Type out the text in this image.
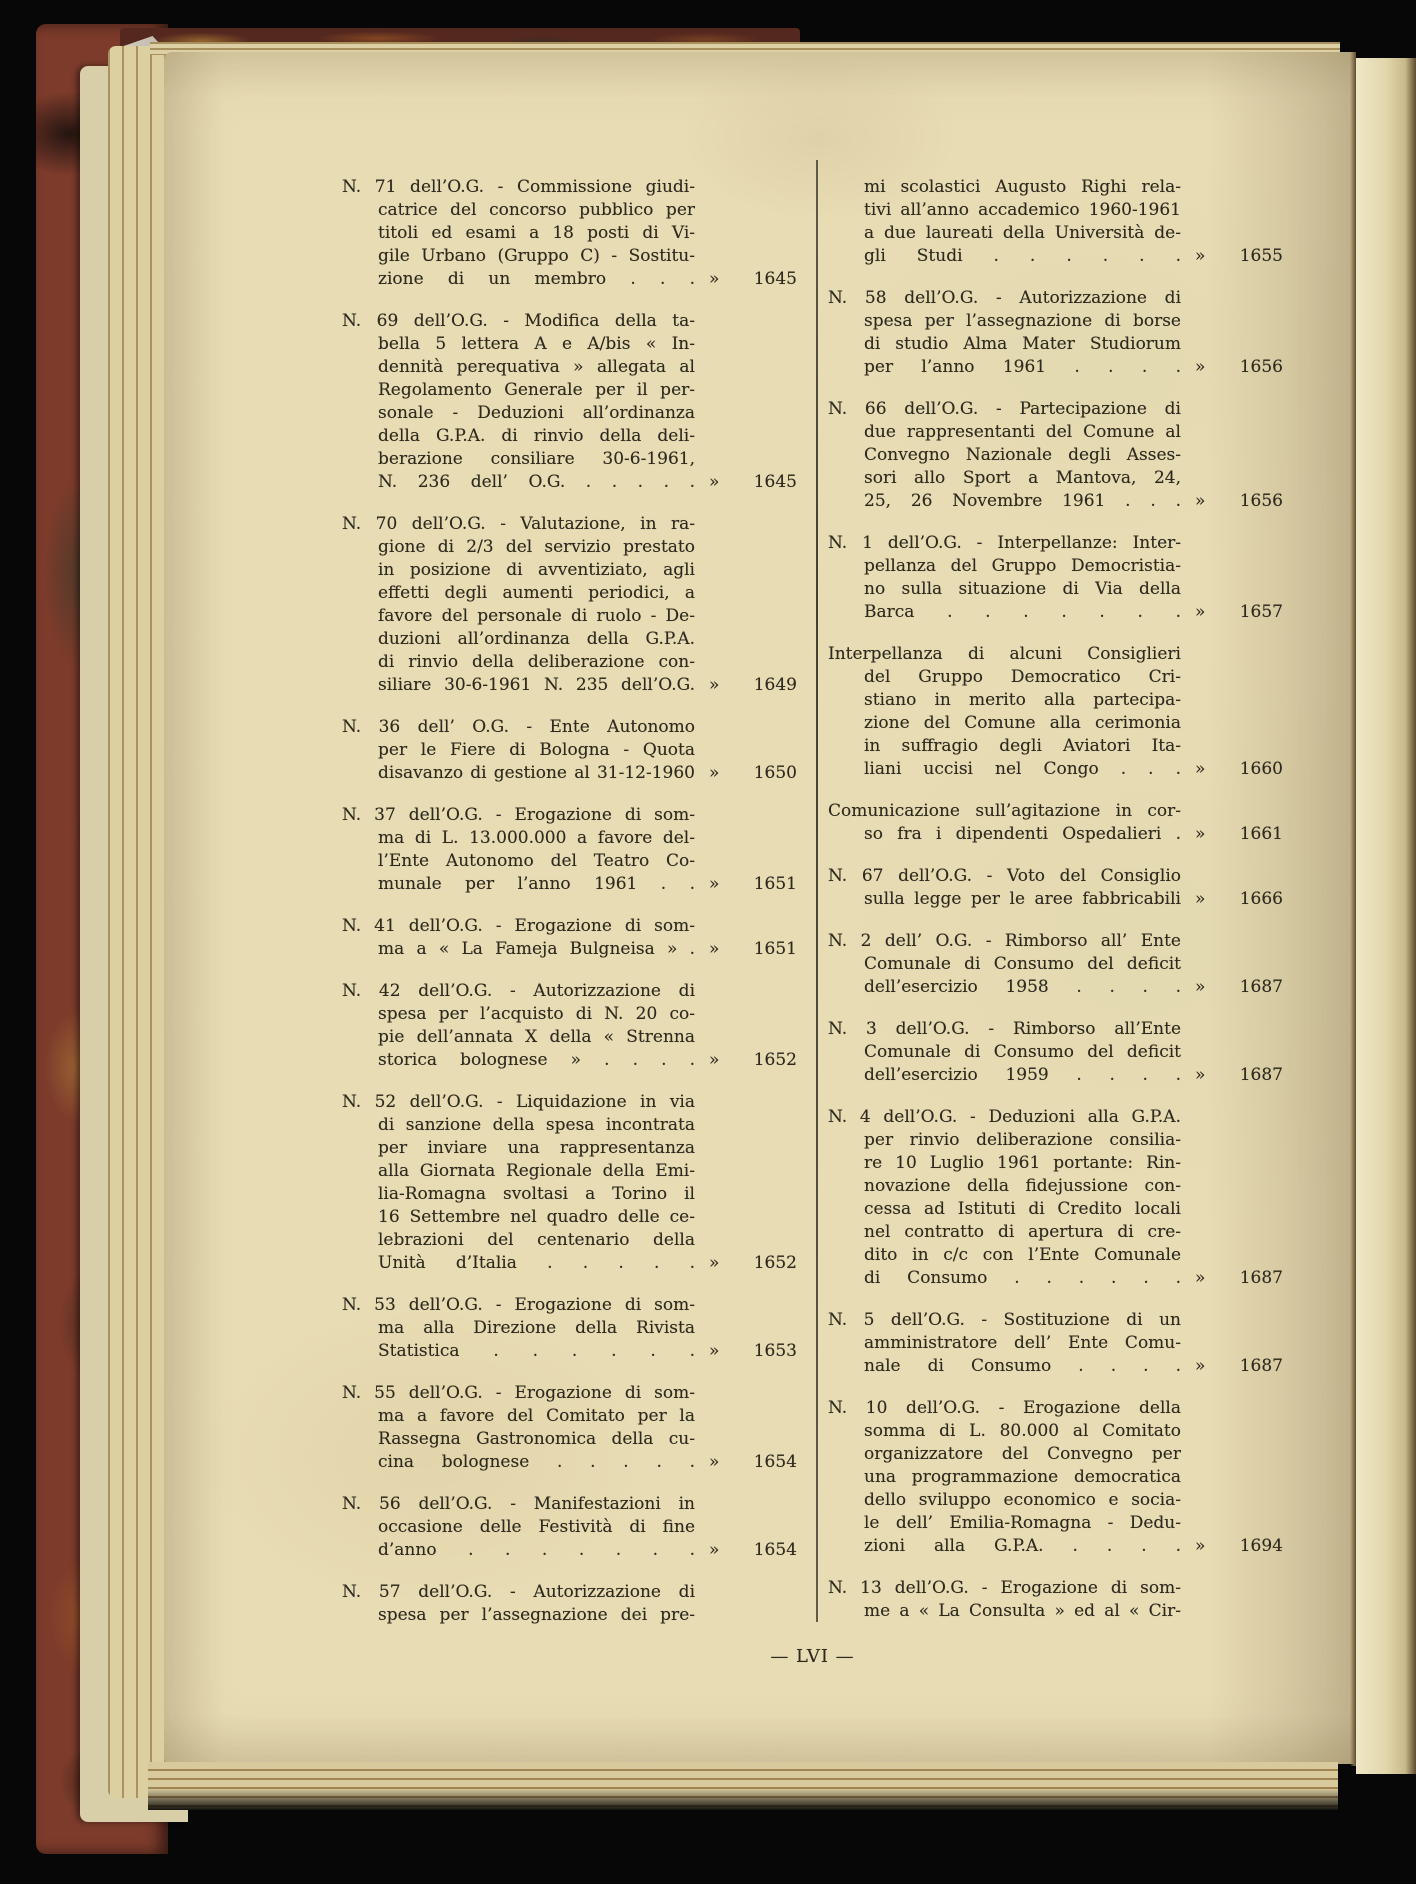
N. 71 dell’O.G. - Commissione giudi-
catrice del concorso pubblico per
titoli ed esami a 18 posti di Vi-
gile Urbano (Gruppo C) - Sostitu-
zione di un membro . . . » 1645
N. 69 dell’O.G. - Modifica della ta-
bella 5 lettera A e A/bis « In-
dennità perequativa » allegata al
Regolamento Generale per il per-
sonale - Deduzioni all’ordinanza
della G.P.A. di rinvio della deli-
berazione consiliare 30-6-1961,
N. 236 dell’ O.G. . . . . . » 1645
N. 70 dell’O.G. - Valutazione, in ra-
gione di 2/3 del servizio prestato
in posizione di avventiziato, agli
effetti degli aumenti periodici, a
favore del personale di ruolo - De-
duzioni all’ordinanza della G.P.A.
di rinvio della deliberazione con-
siliare 30-6-1961 N. 235 dell’O.G. » 1649
N. 36 dell’ O.G. - Ente Autonomo
per le Fiere di Bologna - Quota
disavanzo di gestione al 31-12-1960 » 1650
N. 37 dell’O.G. - Erogazione di som-
ma di L. 13.000.000 a favore del-
l’Ente Autonomo del Teatro Co-
munale per l’anno 1961 . . » 1651
N. 41 dell’O.G. - Erogazione di som-
ma a « La Fameja Bulgneisa » . » 1651
N. 42 dell’O.G. - Autorizzazione di
spesa per l’acquisto di N. 20 co-
pie dell’annata X della « Strenna
storica bolognese » . . . . » 1652
N. 52 dell’O.G. - Liquidazione in via
di sanzione della spesa incontrata
per inviare una rappresentanza
alla Giornata Regionale della Emi-
lia-Romagna svoltasi a Torino il
16 Settembre nel quadro delle ce-
lebrazioni del centenario della
Unità d’Italia . . . . . » 1652
N. 53 dell’O.G. - Erogazione di som-
ma alla Direzione della Rivista
Statistica . . . . . . » 1653
N. 55 dell’O.G. - Erogazione di som-
ma a favore del Comitato per la
Rassegna Gastronomica della cu-
cina bolognese . . . . . » 1654
N. 56 dell’O.G. - Manifestazioni in
occasione delle Festività di fine
d’anno . . . . . . . » 1654
N. 57 dell’O.G. - Autorizzazione di
spesa per l’assegnazione dei pre-
mi scolastici Augusto Righi rela-
tivi all’anno accademico 1960-1961
a due laureati della Università de-
gli Studi . . . . . . » 1655
N. 58 dell’O.G. - Autorizzazione di
spesa per l’assegnazione di borse
di studio Alma Mater Studiorum
per l’anno 1961 . . . . » 1656
N. 66 dell’O.G. - Partecipazione di
due rappresentanti del Comune al
Convegno Nazionale degli Asses-
sori allo Sport a Mantova, 24,
25, 26 Novembre 1961 . . . » 1656
N. 1 dell’O.G. - Interpellanze: Inter-
pellanza del Gruppo Democristia-
no sulla situazione di Via della
Barca . . . . . . . » 1657
Interpellanza di alcuni Consiglieri
del Gruppo Democratico Cri-
stiano in merito alla partecipa-
zione del Comune alla cerimonia
in suffragio degli Aviatori Ita-
liani uccisi nel Congo . . . » 1660
Comunicazione sull’agitazione in cor-
so fra i dipendenti Ospedalieri . » 1661
N. 67 dell’O.G. - Voto del Consiglio
sulla legge per le aree fabbricabili » 1666
N. 2 dell’ O.G. - Rimborso all’ Ente
Comunale di Consumo del deficit
dell’esercizio 1958 . . . . » 1687
N. 3 dell’O.G. - Rimborso all’Ente
Comunale di Consumo del deficit
dell’esercizio 1959 . . . . » 1687
N. 4 dell’O.G. - Deduzioni alla G.P.A.
per rinvio deliberazione consilia-
re 10 Luglio 1961 portante: Rin-
novazione della fidejussione con-
cessa ad Istituti di Credito locali
nel contratto di apertura di cre-
dito in c/c con l’Ente Comunale
di Consumo . . . . . . » 1687
N. 5 dell’O.G. - Sostituzione di un
amministratore dell’ Ente Comu-
nale di Consumo . . . . » 1687
N. 10 dell’O.G. - Erogazione della
somma di L. 80.000 al Comitato
organizzatore del Convegno per
una programmazione democratica
dello sviluppo economico e socia-
le dell’ Emilia-Romagna - Dedu-
zioni alla G.P.A. . . . . » 1694
N. 13 dell’O.G. - Erogazione di som-
me a « La Consulta » ed al « Cir-
— LVI —
